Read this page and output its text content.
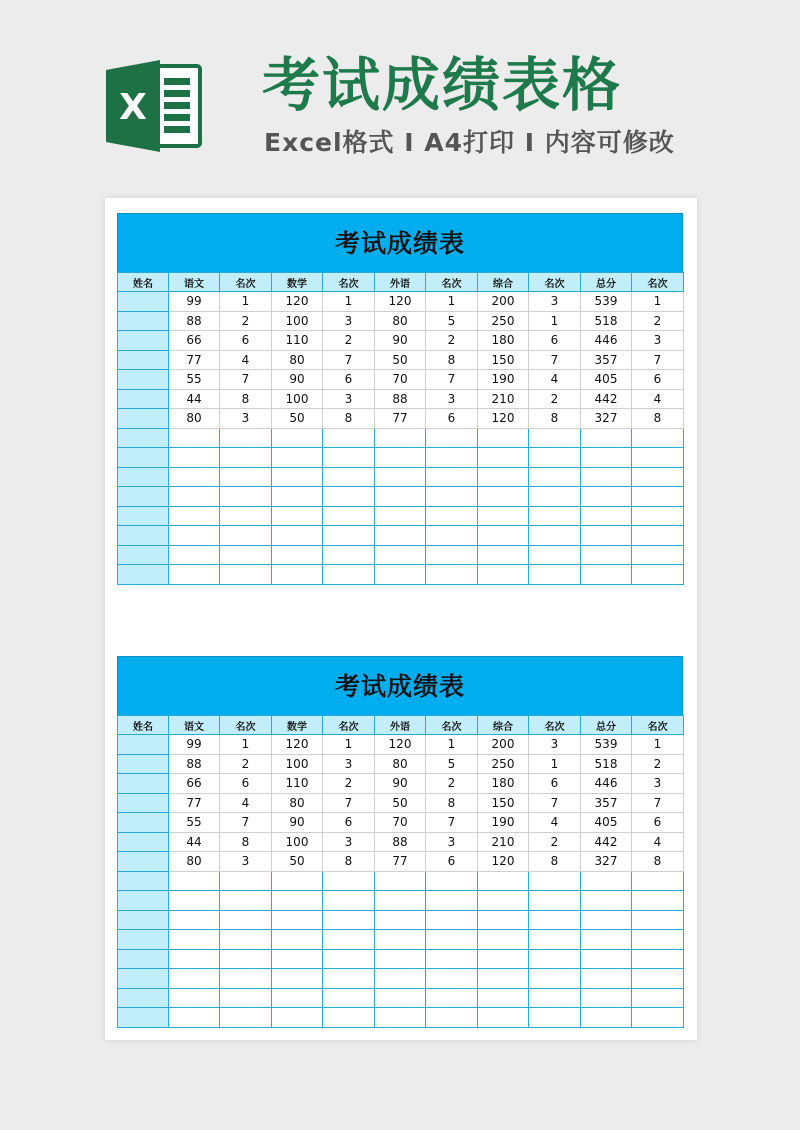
X 考试成绩表格
Excel格式 Ⅰ A4打印 Ⅰ 内容可修改
考试成绩表
姓名	语文	名次	数学	名次	外语	名次	综合	名次	总分	名次
	99	1	120	1	120	1	200	3	539	1
	88	2	100	3	80	5	250	1	518	2
	66	6	110	2	90	2	180	6	446	3
	77	4	80	7	50	8	150	7	357	7
	55	7	90	6	70	7	190	4	405	6
	44	8	100	3	88	3	210	2	442	4
	80	3	50	8	77	6	120	8	327	8

考试成绩表
姓名	语文	名次	数学	名次	外语	名次	综合	名次	总分	名次
	99	1	120	1	120	1	200	3	539	1
	88	2	100	3	80	5	250	1	518	2
	66	6	110	2	90	2	180	6	446	3
	77	4	80	7	50	8	150	7	357	7
	55	7	90	6	70	7	190	4	405	6
	44	8	100	3	88	3	210	2	442	4
	80	3	50	8	77	6	120	8	327	8
